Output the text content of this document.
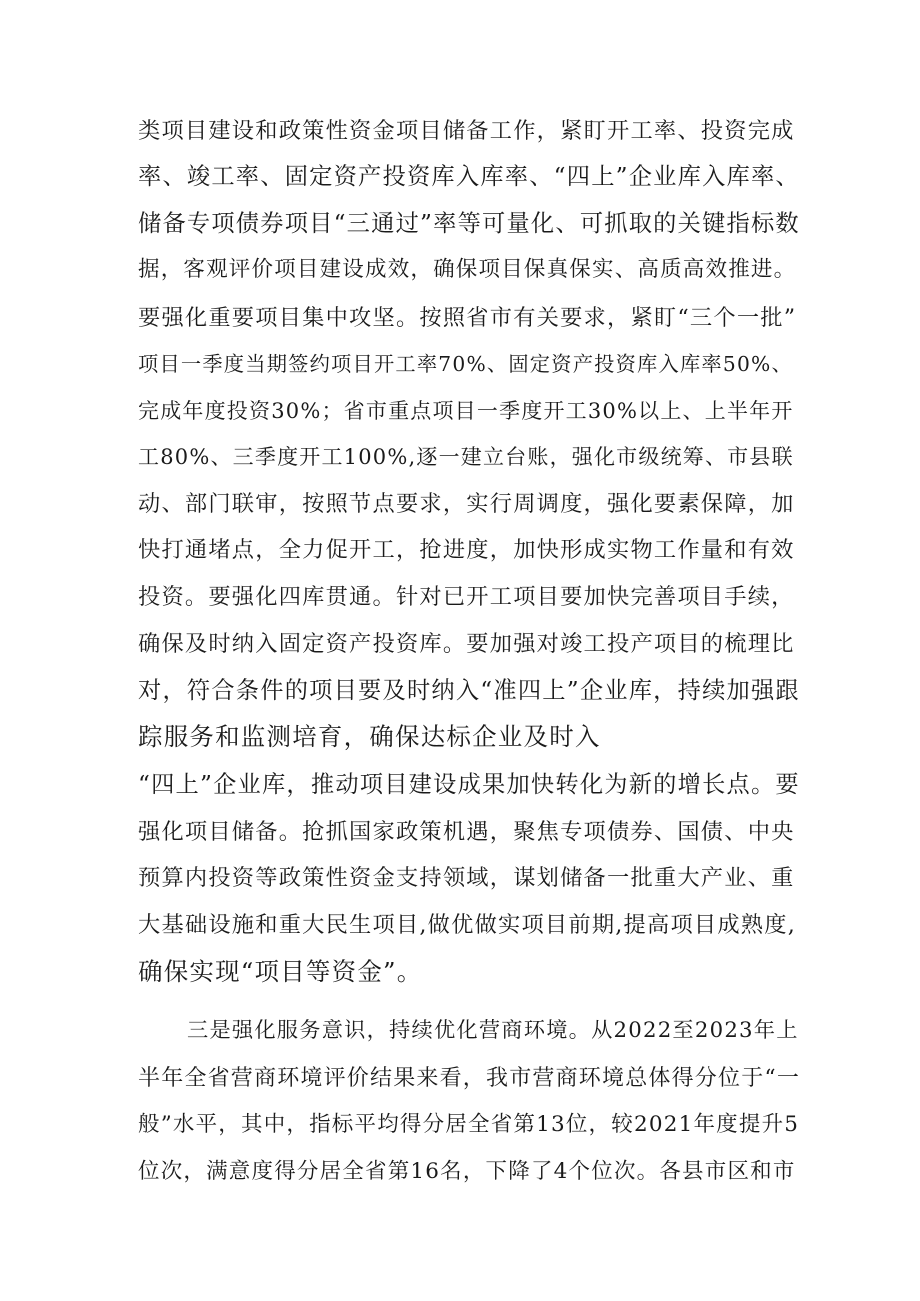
类项目建设和政策性资金项目储备工作，紧盯开工率、投资完成
率、竣工率、固定资产投资库入库率、“四上”企业库入库率、
储备专项债券项目“三通过”率等可量化、可抓取的关键指标数
据，客观评价项目建设成效，确保项目保真保实、高质高效推进。
要强化重要项目集中攻坚。按照省市有关要求，紧盯“三个一批”
项目一季度当期签约项目开工率70%、固定资产投资库入库率50%、
完成年度投资30%；省市重点项目一季度开工30%以上、上半年开
工80%、三季度开工100%,逐一建立台账，强化市级统筹、市县联
动、部门联审，按照节点要求，实行周调度，强化要素保障，加
快打通堵点，全力促开工，抢进度，加快形成实物工作量和有效
投资。要强化四库贯通。针对已开工项目要加快完善项目手续，
确保及时纳入固定资产投资库。要加强对竣工投产项目的梳理比
对，符合条件的项目要及时纳入“准四上”企业库，持续加强跟
踪服务和监测培育，确保达标企业及时入
“四上”企业库，推动项目建设成果加快转化为新的增长点。要
强化项目储备。抢抓国家政策机遇，聚焦专项债券、国债、中央
预算内投资等政策性资金支持领域，谋划储备一批重大产业、重
大基础设施和重大民生项目,做优做实项目前期,提高项目成熟度,
确保实现“项目等资金”。
三是强化服务意识，持续优化营商环境。从2022至2023年上
半年全省营商环境评价结果来看，我市营商环境总体得分位于“一
般”水平，其中，指标平均得分居全省第13位，较2021年度提升5
位次，满意度得分居全省第16名，下降了4个位次。各县市区和市
